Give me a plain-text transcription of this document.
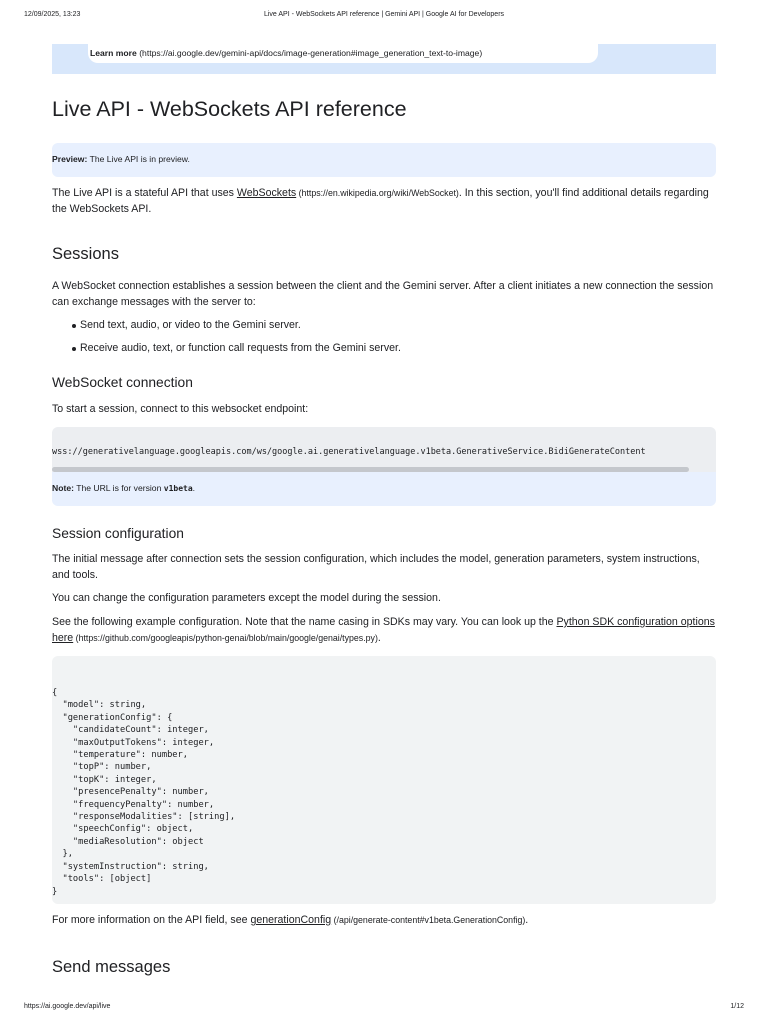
12/09/2025, 13:23	Live API - WebSockets API reference | Gemini API | Google AI for Developers
Learn more (https://ai.google.dev/gemini-api/docs/image-generation#image_generation_text-to-image)
Live API - WebSockets API reference
Preview: The Live API is in preview.
The Live API is a stateful API that uses WebSockets (https://en.wikipedia.org/wiki/WebSocket). In this section, you'll find additional details regarding the WebSockets API.
Sessions
A WebSocket connection establishes a session between the client and the Gemini server. After a client initiates a new connection the session can exchange messages with the server to:
Send text, audio, or video to the Gemini server.
Receive audio, text, or function call requests from the Gemini server.
WebSocket connection
To start a session, connect to this websocket endpoint:
wss://generativelanguage.googleapis.com/ws/google.ai.generativelanguage.v1beta.GenerativeService.BidiGenerateContent
Note: The URL is for version v1beta.
Session configuration
The initial message after connection sets the session configuration, which includes the model, generation parameters, system instructions, and tools.
You can change the configuration parameters except the model during the session.
See the following example configuration. Note that the name casing in SDKs may vary. You can look up the Python SDK configuration options here (https://github.com/googleapis/python-genai/blob/main/google/genai/types.py).
{
"model": string,
"generationConfig": {
"candidateCount": integer,
"maxOutputTokens": integer,
"temperature": number,
"topP": number,
"topK": integer,
"presencePenalty": number,
"frequencyPenalty": number,
"responseModalities": [string],
"speechConfig": object,
"mediaResolution": object
},
"systemInstruction": string,
"tools": [object]
}
For more information on the API field, see generationConfig (/api/generate-content#v1beta.GenerationConfig).
Send messages
https://ai.google.dev/api/live	1/12
